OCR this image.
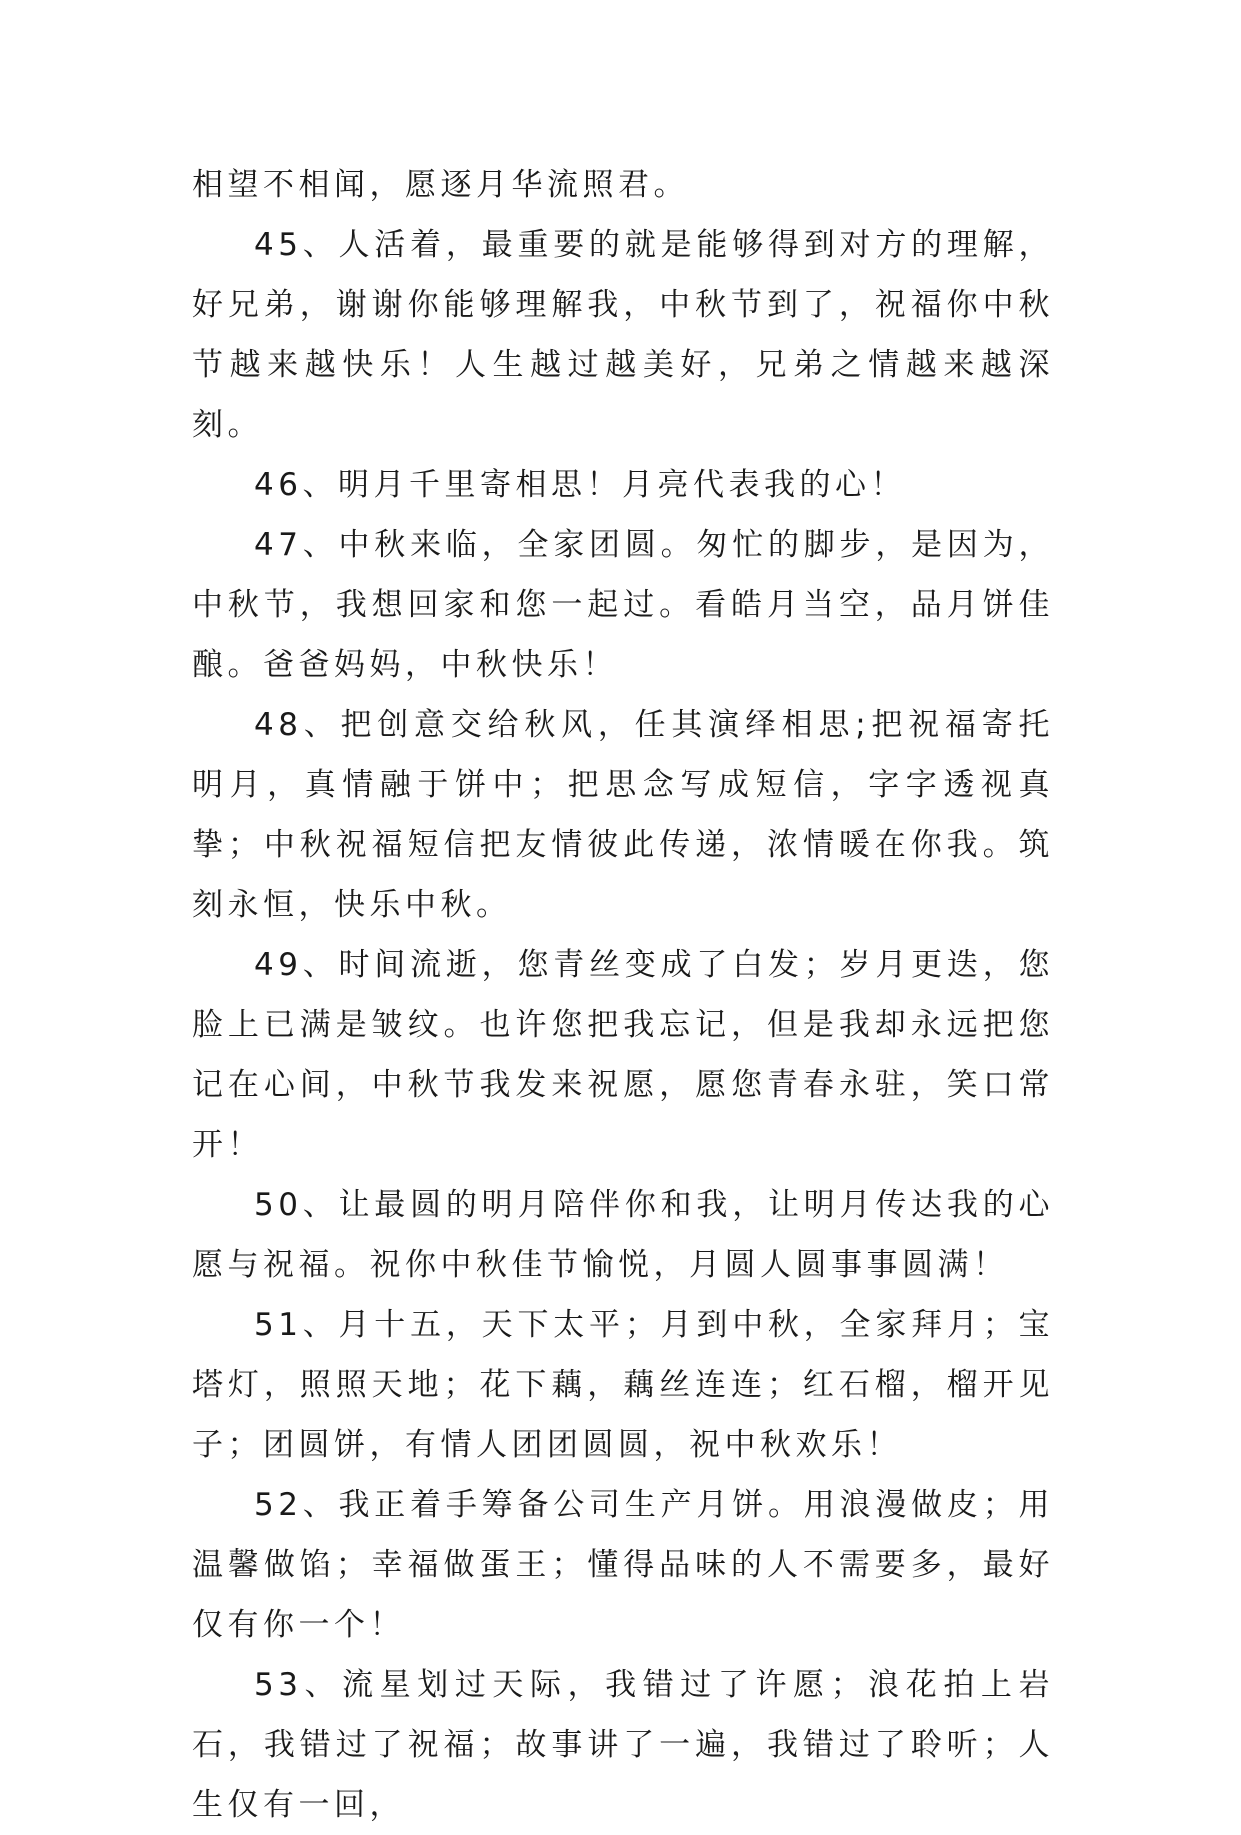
相望不相闻，愿逐月华流照君。

45、人活着，最重要的就是能够得到对方的理解，好兄弟，谢谢你能够理解我，中秋节到了，祝福你中秋节越来越快乐！人生越过越美好，兄弟之情越来越深刻。

46、明月千里寄相思！月亮代表我的心！

47、中秋来临，全家团圆。匆忙的脚步，是因为，中秋节，我想回家和您一起过。看皓月当空，品月饼佳酿。爸爸妈妈，中秋快乐！

48、把创意交给秋风，任其演绎相思;把祝福寄托明月，真情融于饼中；把思念写成短信，字字透视真挚；中秋祝福短信把友情彼此传递，浓情暖在你我。筑刻永恒，快乐中秋。

49、时间流逝，您青丝变成了白发；岁月更迭，您脸上已满是皱纹。也许您把我忘记，但是我却永远把您记在心间，中秋节我发来祝愿，愿您青春永驻，笑口常开！

50、让最圆的明月陪伴你和我，让明月传达我的心愿与祝福。祝你中秋佳节愉悦，月圆人圆事事圆满！

51、月十五，天下太平；月到中秋，全家拜月；宝塔灯，照照天地；花下藕，藕丝连连；红石榴，榴开见子；团圆饼，有情人团团圆圆，祝中秋欢乐！

52、我正着手筹备公司生产月饼。用浪漫做皮；用温馨做馅；幸福做蛋王；懂得品味的人不需要多，最好仅有你一个！

53、流星划过天际，我错过了许愿；浪花拍上岩石，我错过了祝福；故事讲了一遍，我错过了聆听；人生仅有一回，
